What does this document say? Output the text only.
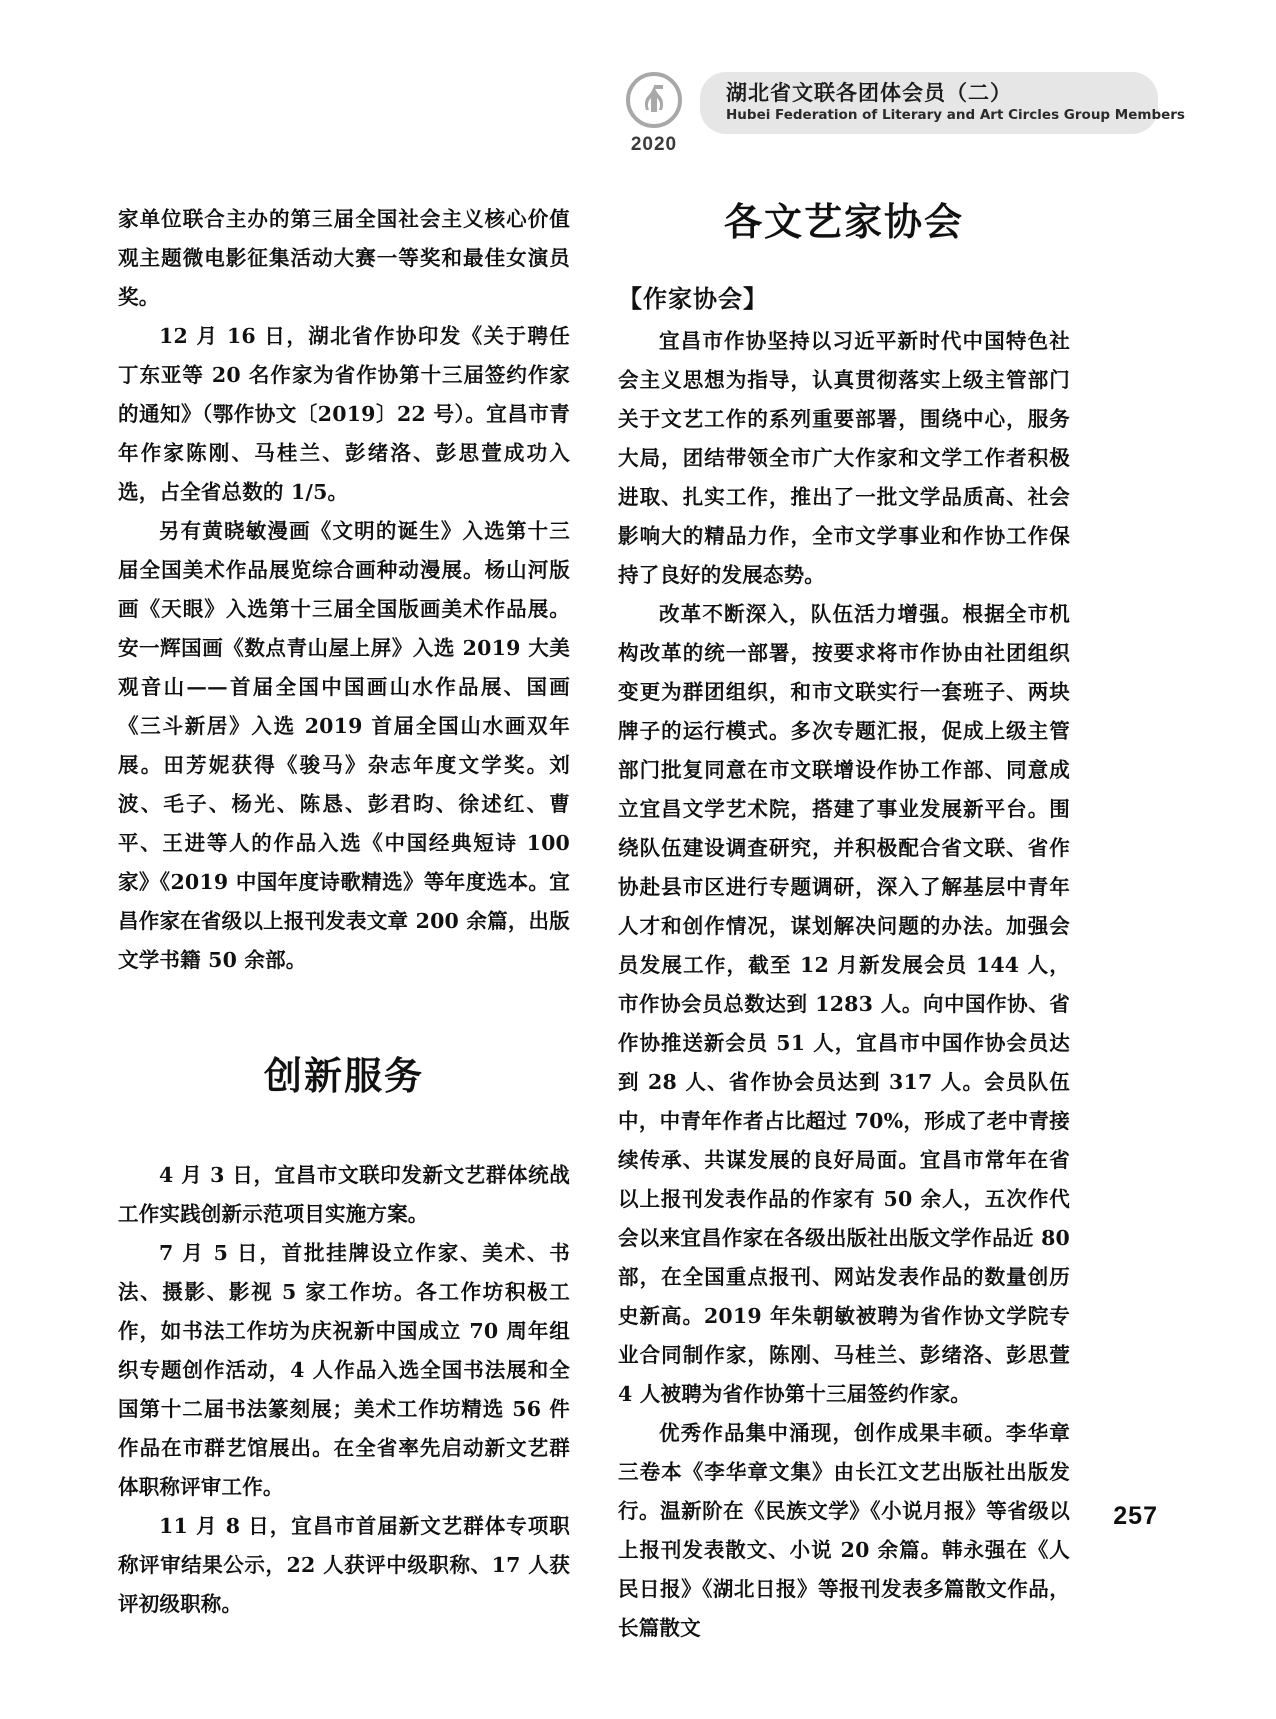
2020
湖北省文联各团体会员（二）
Hubei Federation of Literary and Art Circles Group Members

家单位联合主办的第三届全国社会主义核心价值观主题微电影征集活动大赛一等奖和最佳女演员奖。

12 月 16 日，湖北省作协印发《关于聘任丁东亚等 20 名作家为省作协第十三届签约作家的通知》（鄂作协文〔2019〕22 号）。宜昌市青年作家陈刚、马桂兰、彭绪洛、彭思萱成功入选，占全省总数的 1/5。

另有黄晓敏漫画《文明的诞生》入选第十三届全国美术作品展览综合画种动漫展。杨山河版画《天眼》入选第十三届全国版画美术作品展。安一辉国画《数点青山屋上屏》入选 2019 大美观音山——首届全国中国画山水作品展、国画《三斗新居》入选 2019 首届全国山水画双年展。田芳妮获得《骏马》杂志年度文学奖。刘波、毛子、杨光、陈恳、彭君昀、徐述红、曹平、王进等人的作品入选《中国经典短诗 100 家》《2019 中国年度诗歌精选》等年度选本。宜昌作家在省级以上报刊发表文章 200 余篇，出版文学书籍 50 余部。

创新服务

4 月 3 日，宜昌市文联印发新文艺群体统战工作实践创新示范项目实施方案。

7 月 5 日，首批挂牌设立作家、美术、书法、摄影、影视 5 家工作坊。各工作坊积极工作，如书法工作坊为庆祝新中国成立 70 周年组织专题创作活动，4 人作品入选全国书法展和全国第十二届书法篆刻展；美术工作坊精选 56 件作品在市群艺馆展出。在全省率先启动新文艺群体职称评审工作。

11 月 8 日，宜昌市首届新文艺群体专项职称评审结果公示，22 人获评中级职称、17 人获评初级职称。

各文艺家协会
【作家协会】

宜昌市作协坚持以习近平新时代中国特色社会主义思想为指导，认真贯彻落实上级主管部门关于文艺工作的系列重要部署，围绕中心，服务大局，团结带领全市广大作家和文学工作者积极进取、扎实工作，推出了一批文学品质高、社会影响大的精品力作，全市文学事业和作协工作保持了良好的发展态势。

改革不断深入，队伍活力增强。根据全市机构改革的统一部署，按要求将市作协由社团组织变更为群团组织，和市文联实行一套班子、两块牌子的运行模式。多次专题汇报，促成上级主管部门批复同意在市文联增设作协工作部、同意成立宜昌文学艺术院，搭建了事业发展新平台。围绕队伍建设调查研究，并积极配合省文联、省作协赴县市区进行专题调研，深入了解基层中青年人才和创作情况，谋划解决问题的办法。加强会员发展工作，截至 12 月新发展会员 144 人，市作协会员总数达到 1283 人。向中国作协、省作协推送新会员 51 人，宜昌市中国作协会员达到 28 人、省作协会员达到 317 人。会员队伍中，中青年作者占比超过 70%，形成了老中青接续传承、共谋发展的良好局面。宜昌市常年在省以上报刊发表作品的作家有 50 余人，五次作代会以来宜昌作家在各级出版社出版文学作品近 80 部，在全国重点报刊、网站发表作品的数量创历史新高。2019 年朱朝敏被聘为省作协文学院专业合同制作家，陈刚、马桂兰、彭绪洛、彭思萱 4 人被聘为省作协第十三届签约作家。

优秀作品集中涌现，创作成果丰硕。李华章三卷本《李华章文集》由长江文艺出版社出版发行。温新阶在《民族文学》《小说月报》等省级以上报刊发表散文、小说 20 余篇。韩永强在《人民日报》《湖北日报》等报刊发表多篇散文作品，长篇散文

257
